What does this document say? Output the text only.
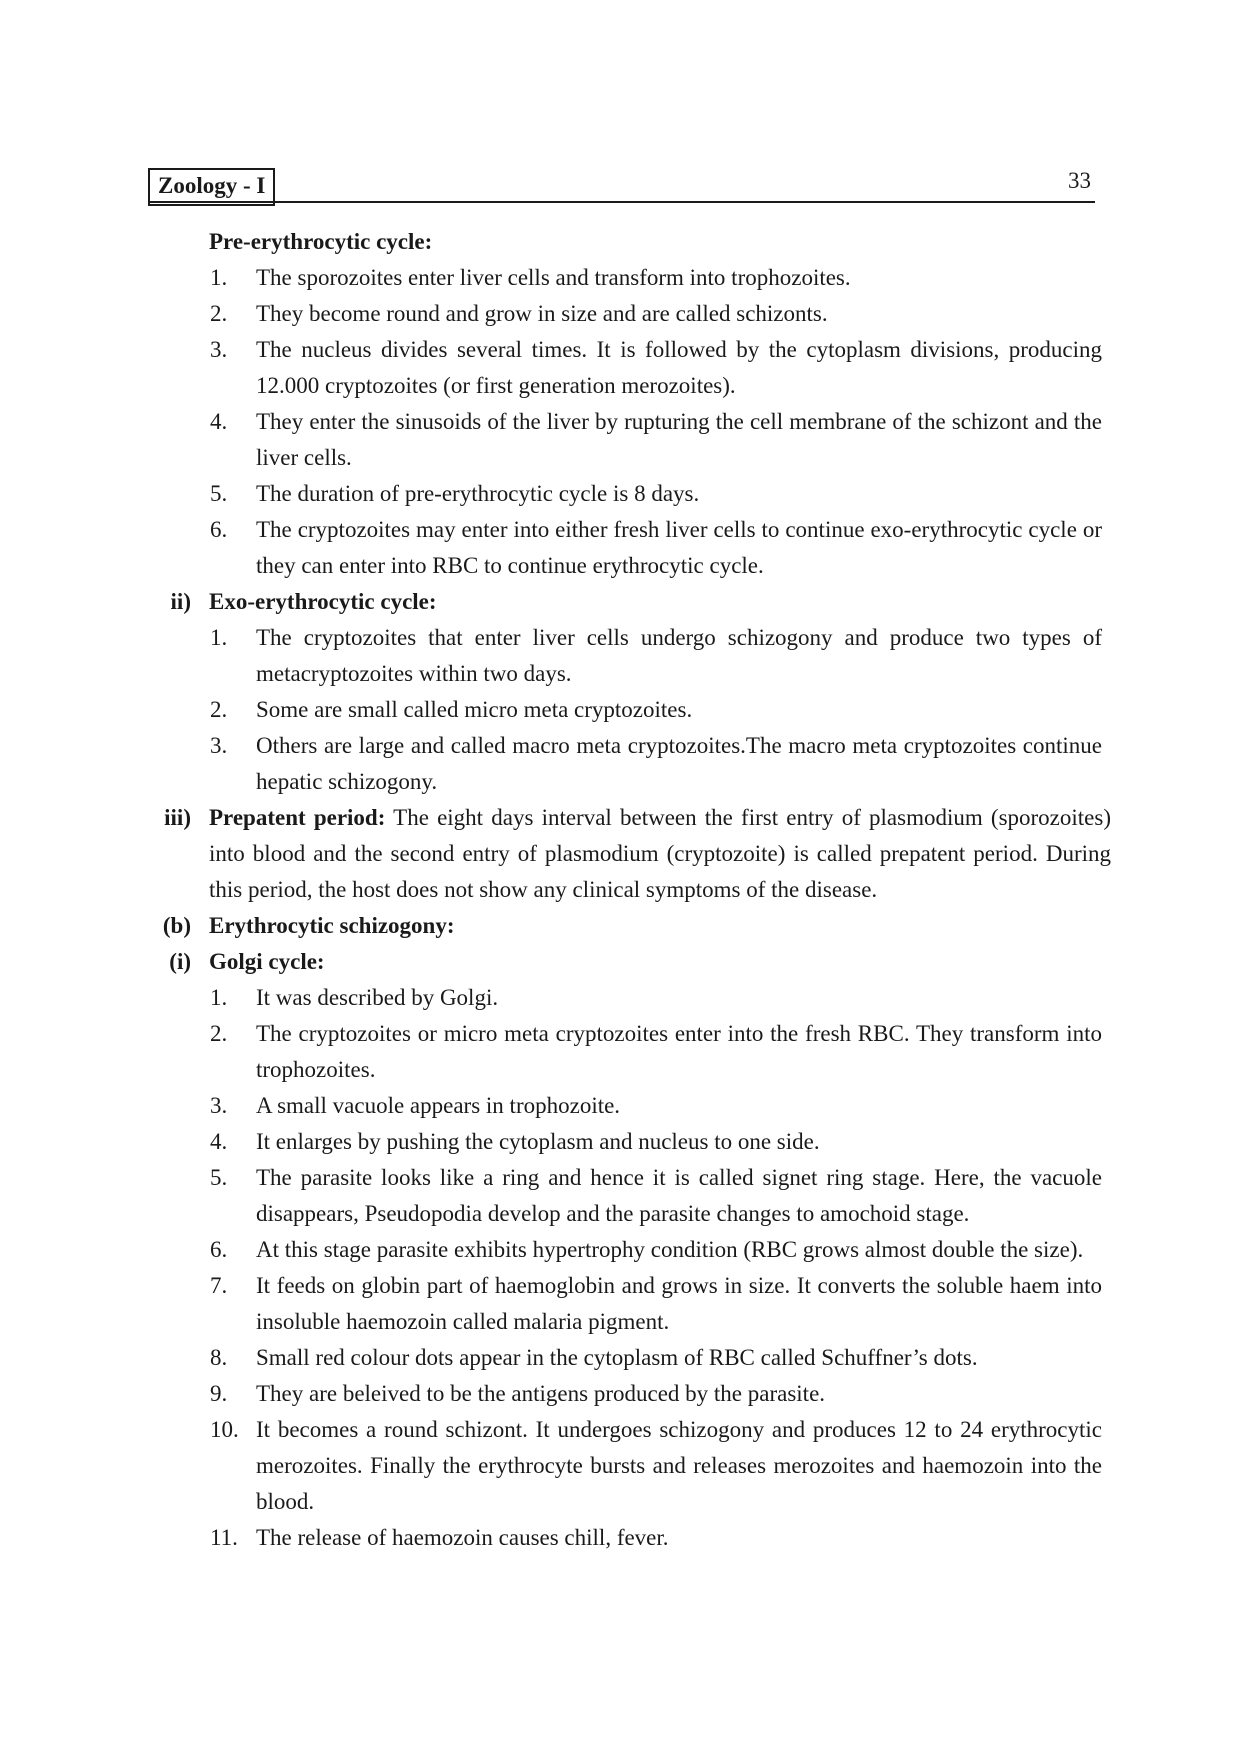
Zoology - I	33
Pre-erythrocytic cycle:
1. The sporozoites enter liver cells and transform into trophozoites.
2. They become round and grow in size and are called schizonts.
3. The nucleus divides several times. It is followed by the cytoplasm divisions, producing 12.000 cryptozoites (or first generation merozoites).
4. They enter the sinusoids of the liver by rupturing the cell membrane of the schizont and the liver cells.
5. The duration of pre-erythrocytic cycle is 8 days.
6. The cryptozoites may enter into either fresh liver cells to continue exo-erythrocytic cycle or they can enter into RBC to continue erythrocytic cycle.
ii) Exo-erythrocytic cycle:
1. The cryptozoites that enter liver cells undergo schizogony and produce two types of metacryptozoites within two days.
2. Some are small called micro meta cryptozoites.
3. Others are large and called macro meta cryptozoites.The macro meta cryptozoites continue hepatic schizogony.
iii) Prepatent period: The eight days interval between the first entry of plasmodium (sporozoites) into blood and the second entry of plasmodium (cryptozoite) is called prepatent period. During this period, the host does not show any clinical symptoms of the disease.
(b) Erythrocytic schizogony:
(i) Golgi cycle:
1. It was described by Golgi.
2. The cryptozoites or micro meta cryptozoites enter into the fresh RBC. They transform into trophozoites.
3. A small vacuole appears in trophozoite.
4. It enlarges by pushing the cytoplasm and nucleus to one side.
5. The parasite looks like a ring and hence it is called signet ring stage. Here, the vacuole disappears, Pseudopodia develop and the parasite changes to amochoid stage.
6. At this stage parasite exhibits hypertrophy condition (RBC grows almost double the size).
7. It feeds on globin part of haemoglobin and grows in size. It converts the soluble haem into insoluble haemozoin called malaria pigment.
8. Small red colour dots appear in the cytoplasm of RBC called Schuffner’s dots.
9. They are beleived to be the antigens produced by the parasite.
10. It becomes a round schizont. It undergoes schizogony and produces 12 to 24 erythrocytic merozoites. Finally the erythrocyte bursts and releases merozoites and haemozoin into the blood.
11. The release of haemozoin causes chill, fever.
